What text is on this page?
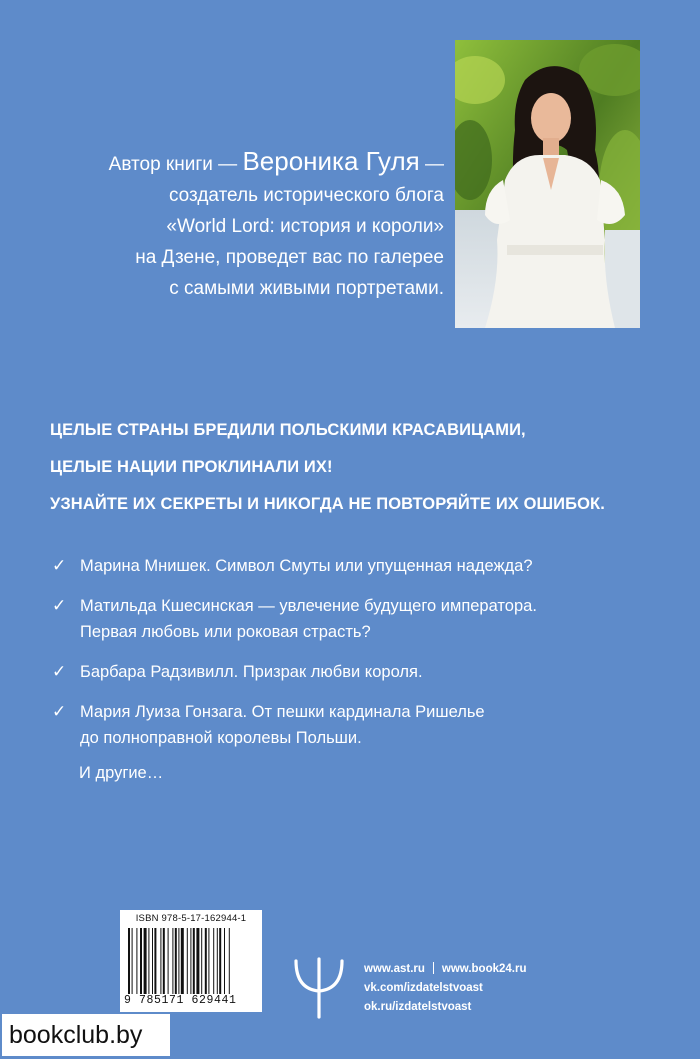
Автор книги — Вероника Гуля —
создатель исторического блога
«World Lord: история и короли»
на Дзене, проведет вас по галерее
с самыми живыми портретами.
ЦЕЛЫЕ СТРАНЫ БРЕДИЛИ ПОЛЬСКИМИ КРАСАВИЦАМИ,
ЦЕЛЫЕ НАЦИИ ПРОКЛИНАЛИ ИХ!
УЗНАЙТЕ ИХ СЕКРЕТЫ И НИКОГДА НЕ ПОВТОРЯЙТЕ ИХ ОШИБОК.
✓ Марина Мнишек. Символ Смуты или упущенная надежда?
✓ Матильда Кшесинская — увлечение будущего императора.
Первая любовь или роковая страсть?
✓ Барбара Радзивилл. Призрак любви короля.
✓ Мария Луиза Гонзага. От пешки кардинала Ришелье
до полноправной королевы Польши.
И другие…
ISBN 978-5-17-162944-1
9 785171 629441
www.ast.ru www.book24.ru
vk.com/izdatelstvoast
ok.ru/izdatelstvoast
bookclub.by
